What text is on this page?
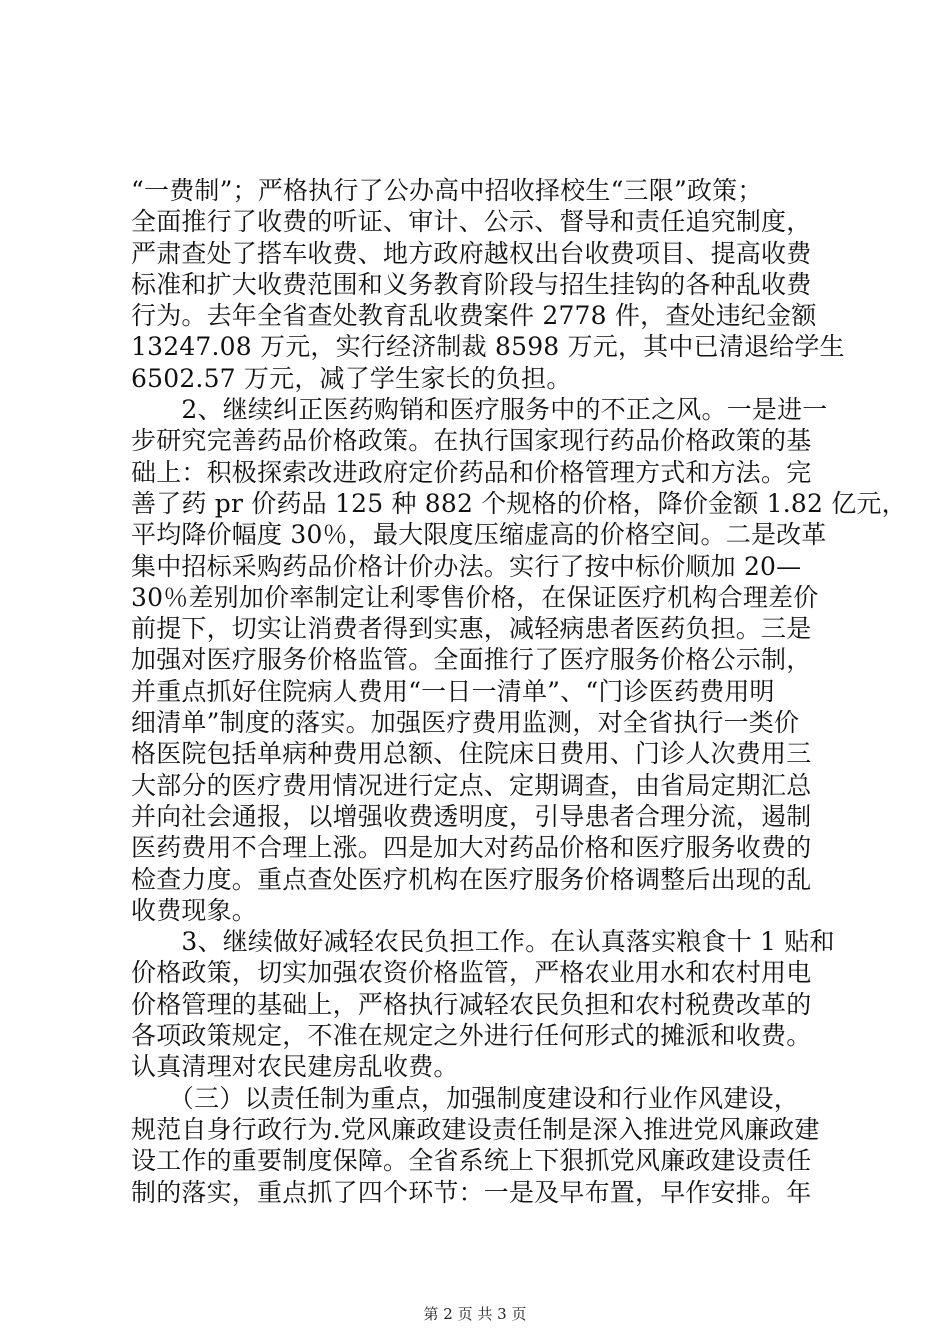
“一费制”；严格执行了公办高中招收择校生“三限”政策；
全面推行了收费的听证、审计、公示、督导和责任追究制度，
严肃查处了搭车收费、地方政府越权出台收费项目、提高收费
标准和扩大收费范围和义务教育阶段与招生挂钩的各种乱收费
行为。去年全省查处教育乱收费案件 2778 件，查处违纪金额
13247.08 万元，实行经济制裁 8598 万元，其中已清退给学生
6502.57 万元，减了学生家长的负担。
　　2、继续纠正医药购销和医疗服务中的不正之风。一是进一
步研究完善药品价格政策。在执行国家现行药品价格政策的基
础上：积极探索改进政府定价药品和价格管理方式和方法。完
善了药 pr 价药品 125 种 882 个规格的价格，降价金额 1.82 亿元，
平均降价幅度 30％，最大限度压缩虚高的价格空间。二是改革
集中招标采购药品价格计价办法。实行了按中标价顺加 20—
30％差别加价率制定让利零售价格，在保证医疗机构合理差价
前提下，切实让消费者得到实惠，减轻病患者医药负担。三是
加强对医疗服务价格监管。全面推行了医疗服务价格公示制，
并重点抓好住院病人费用“一日一清单”、“门诊医药费用明
细清单”制度的落实。加强医疗费用监测，对全省执行一类价
格医院包括单病种费用总额、住院床日费用、门诊人次费用三
大部分的医疗费用情况进行定点、定期调查，由省局定期汇总
并向社会通报，以增强收费透明度，引导患者合理分流，遏制
医药费用不合理上涨。四是加大对药品价格和医疗服务收费的
检查力度。重点查处医疗机构在医疗服务价格调整后出现的乱
收费现象。
　　3、继续做好减轻农民负担工作。在认真落实粮食十 1 贴和
价格政策，切实加强农资价格监管，严格农业用水和农村用电
价格管理的基础上，严格执行减轻农民负担和农村税费改革的
各项政策规定，不准在规定之外进行任何形式的摊派和收费。
认真清理对农民建房乱收费。
　　（三）以责任制为重点，加强制度建设和行业作风建设，
规范自身行政行为.党风廉政建设责任制是深入推进党风廉政建
设工作的重要制度保障。全省系统上下狠抓党风廉政建设责任
制的落实，重点抓了四个环节：一是及早布置，早作安排。年
第 2 页 共 3 页
